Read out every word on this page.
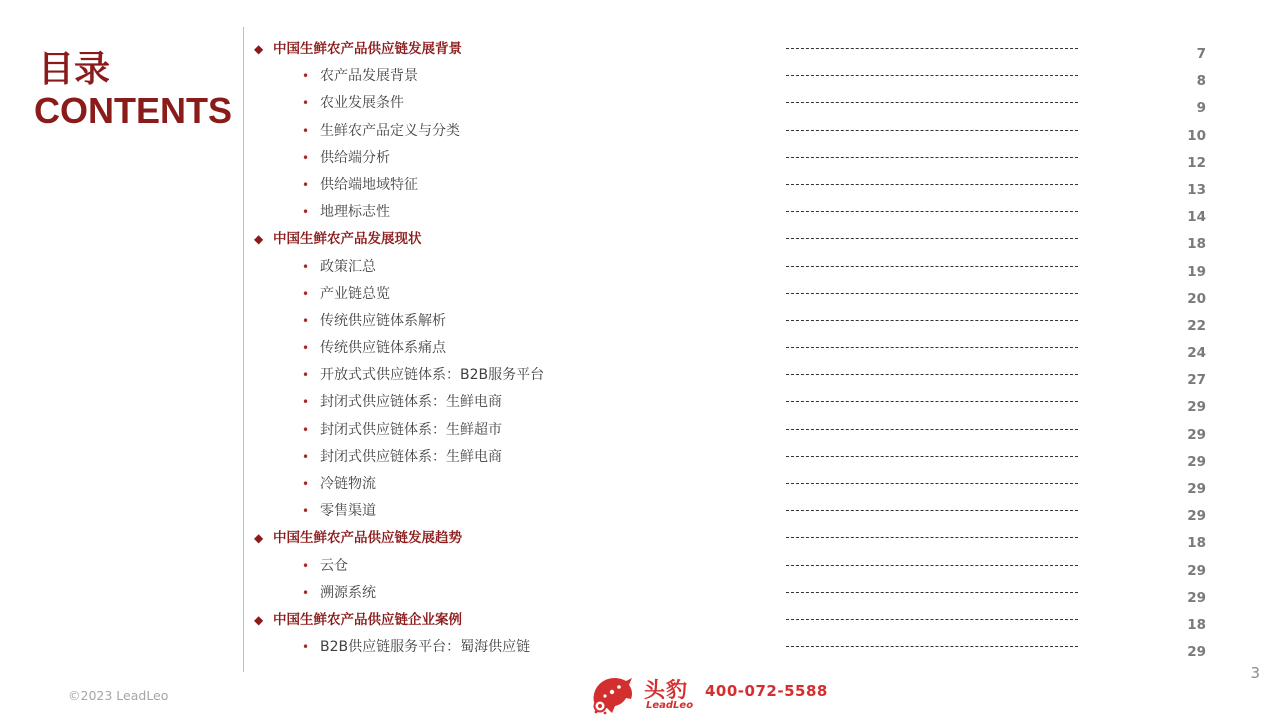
目录
CONTENTS
◆ 中国生鲜农产品供应链发展背景	7
• 农产品发展背景	8
• 农业发展条件	9
• 生鲜农产品定义与分类	10
• 供给端分析	12
• 供给端地域特征	13
• 地理标志性	14
◆ 中国生鲜农产品发展现状	18
• 政策汇总	19
• 产业链总览	20
• 传统供应链体系解析	22
• 传统供应链体系痛点	24
• 开放式式供应链体系：B2B服务平台	27
• 封闭式供应链体系：生鲜电商	29
• 封闭式供应链体系：生鲜超市	29
• 封闭式供应链体系：生鲜电商	29
• 冷链物流	29
• 零售渠道	29
◆ 中国生鲜农产品供应链发展趋势	18
• 云仓	29
• 溯源系统	29
◆ 中国生鲜农产品供应链企业案例	18
• B2B供应链服务平台：蜀海供应链	29
3
©2023 LeadLeo	头豹
LeadLeo
400-072-5588
